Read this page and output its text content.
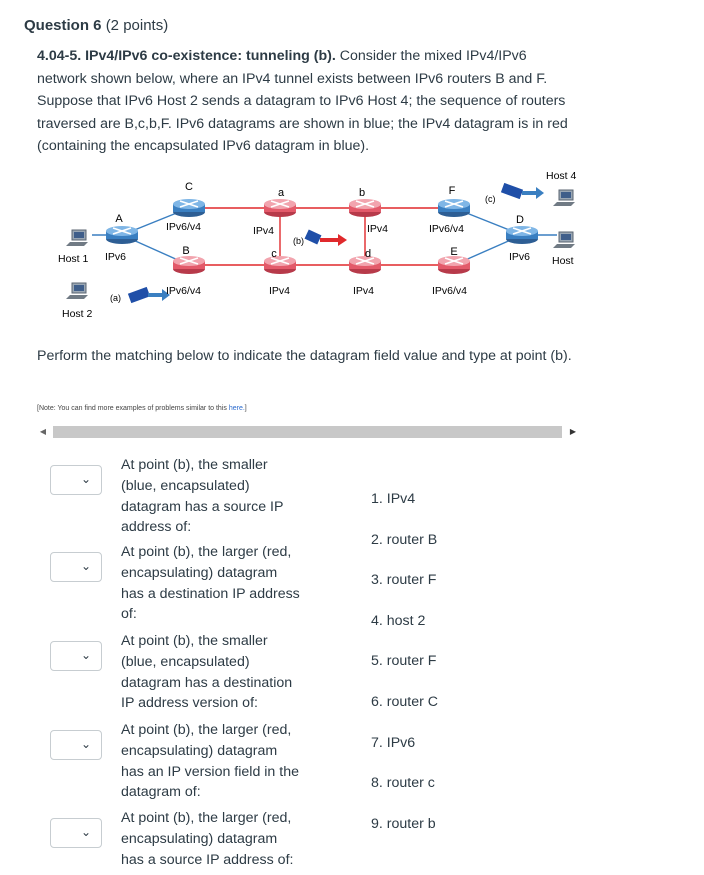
Question 6 (2 points)
4.04-5. IPv4/IPv6 co-existence: tunneling (b). Consider the mixed IPv4/IPv6
network shown below, where an IPv4 tunnel exists between IPv6 routers B and F.
Suppose that IPv6 Host 2 sends a datagram to IPv6 Host 4; the sequence of routers
traversed are B,c,b,F. IPv6 datagrams are shown in blue; the IPv4 datagram is in red
(containing the encapsulated IPv6 datagram in blue).
C
A
B
a
c
b
d
F
E
D
IPv6/v4
IPv6/v4
IPv4
IPv4
IPv4
IPv4
IPv6/v4
IPv6/v4
IPv6	IPv6
Host 1
Host 2
Host 4
Host
(a)
(b)
(c)
Perform the matching below to indicate the datagram field value and type at point (b).
[Note: You can find more examples of problems similar to this here.]
◀	▶
⌄
At point (b), the smaller (blue, encapsulated) datagram has a source IP address of:
⌄
At point (b), the larger (red, encapsulating) datagram has a destination IP address of:
⌄
At point (b), the smaller (blue, encapsulated) datagram has a destination IP address version of:
⌄
At point (b), the larger (red, encapsulating) datagram has an IP version field in the datagram of:
⌄
At point (b), the larger (red, encapsulating) datagram has a source IP address of:
1. IPv4
2. router B
3. router F
4. host 2
5. router F
6. router C
7. IPv6
8. router c
9. router b
